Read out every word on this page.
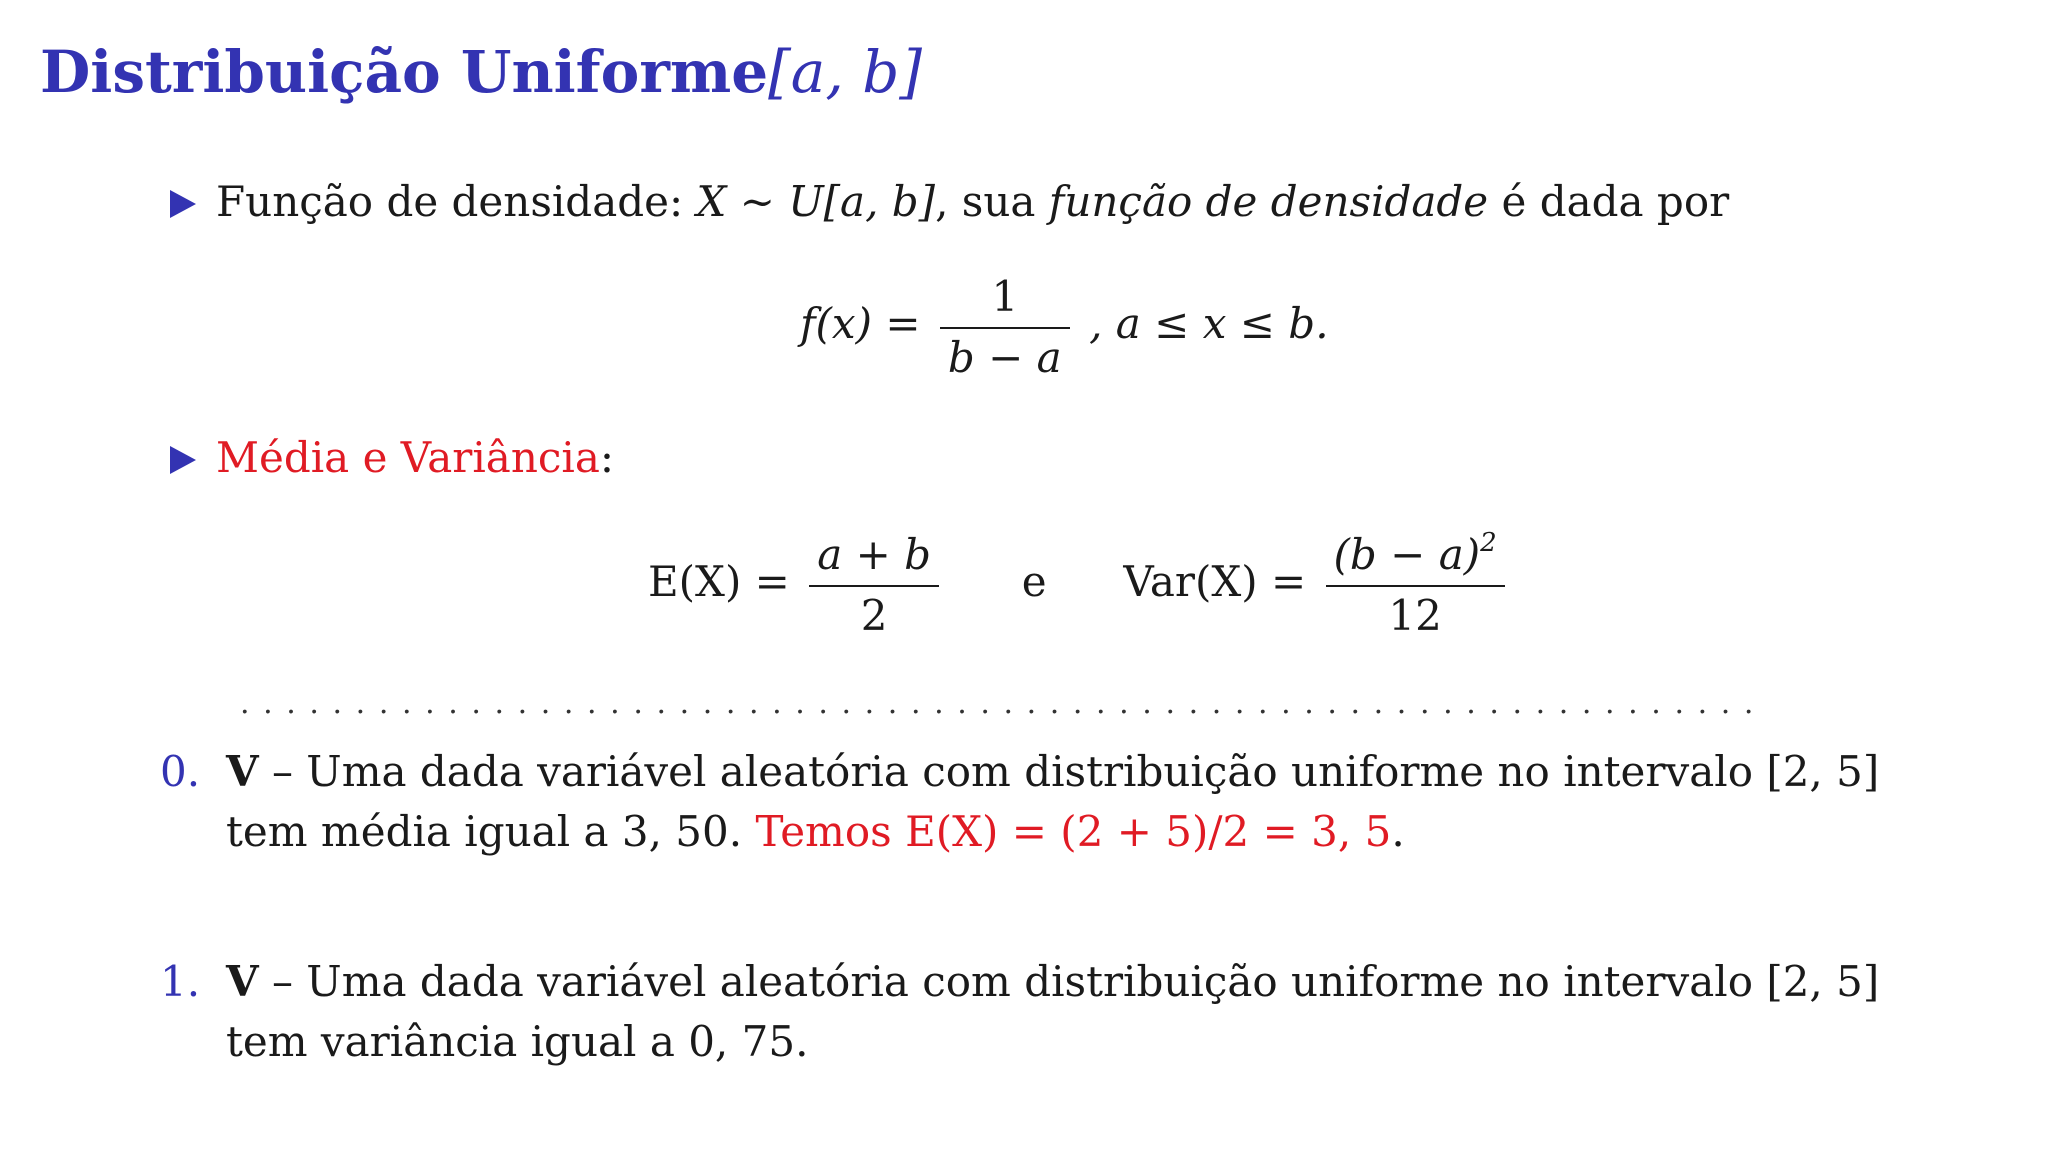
Distribuição Uniforme[a, b]
Função de densidade: X ∼ U[a, b], sua função de densidade é dada por
$f(x) = \frac{1}{b - a}$ , a ≤ x ≤ b.
Média e Variância:
$E(X) = \frac{a + b}{2}$ e $Var(X) = \frac{(b - a)^2}{12}$
..................................................................
0. V – Uma dada variável aleatória com distribuição uniforme no intervalo [2, 5]
tem média igual a 3, 50. Temos E(X) = (2 + 5)/2 = 3, 5.
1. V – Uma dada variável aleatória com distribuição uniforme no intervalo [2, 5]
tem variância igual a 0, 75.
